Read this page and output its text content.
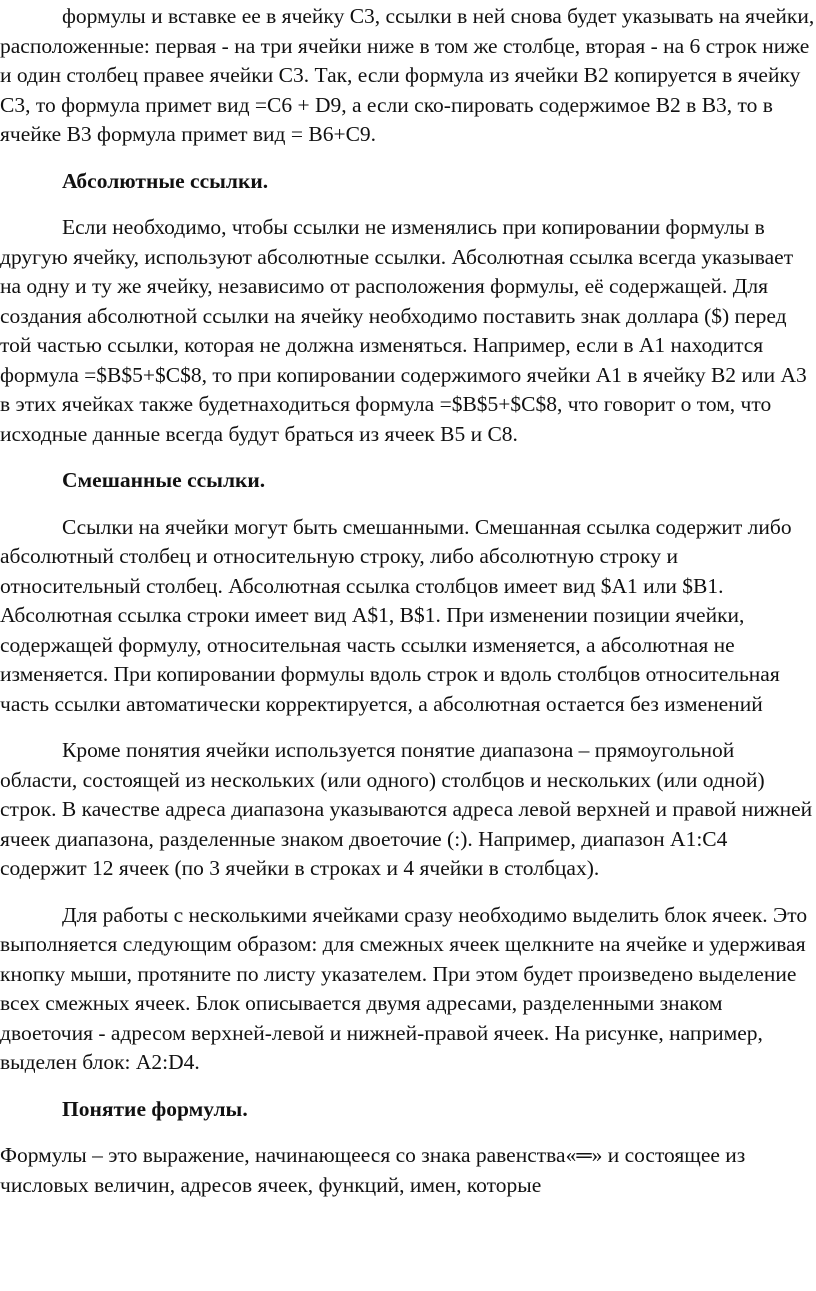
формулы и вставке ее в ячейку С3, ссылки в ней снова будет указывать на ячейки, расположенные: первая - на три ячейки ниже в том же столбце, вторая - на 6 строк ниже и один столбец правее ячейки С3. Так, если формула из ячейки В2 копируется в ячейку С3, то формула примет вид =С6 + D9, а если ско-пировать содержимое В2 в В3, то в ячейке В3 формула примет вид = В6+С9.

Абсолютные ссылки.

Если необходимо, чтобы ссылки не изменялись при копировании формулы в другую ячейку, используют абсолютные ссылки. Абсолютная ссылка всегда указывает на одну и ту же ячейку, независимо от расположения формулы, её содержащей. Для создания абсолютной ссылки на ячейку необходимо поставить знак доллара ($) перед той частью ссылки, которая не должна изменяться. Например, если в А1 находится формула =$B$5+$C$8, то при копировании содержимого ячейки А1 в ячейку В2 или А3 в этих ячейках также будетнаходиться формула =$B$5+$C$8, что говорит о том, что исходные данные всегда будут браться из ячеек В5 и С8.

Смешанные ссылки.

Ссылки на ячейки могут быть смешанными. Смешанная ссылка содержит либо абсолютный столбец и относительную строку, либо абсолютную строку и относительный столбец. Абсолютная ссылка столбцов имеет вид $A1 или $B1. Абсолютная ссылка строки имеет вид A$1, B$1. При изменении позиции ячейки, содержащей формулу, относительная часть ссылки изменяется, а абсолютная не изменяется. При копировании формулы вдоль строк и вдоль столбцов относительная часть ссылки автоматически корректируется, а абсолютная остается без изменений

Кроме понятия ячейки используется понятие диапазона – прямоугольной области, состоящей из нескольких (или одного) столбцов и нескольких (или одной) строк. В качестве адреса диапазона указываются адреса левой верхней и правой нижней ячеек диапазона, разделенные знаком двоеточие (:). Например, диапазон А1:С4 содержит 12 ячеек (по 3 ячейки в строках и 4 ячейки в столбцах).

Для работы с несколькими ячейками сразу необходимо выделить блок ячеек. Это выполняется следующим образом: для смежных ячеек щелкните на ячейке и удерживая кнопку мыши, протяните по листу указателем. При этом будет произведено выделение всех смежных ячеек. Блок описывается двумя адресами, разделенными знаком двоеточия - адресом верхней-левой и нижней-правой ячеек. На рисунке, например, выделен блок: A2:D4.

Понятие формулы.

Формулы – это выражение, начинающееся со знака равенства«═» и состоящее из числовых величин, адресов ячеек, функций, имен, которые
